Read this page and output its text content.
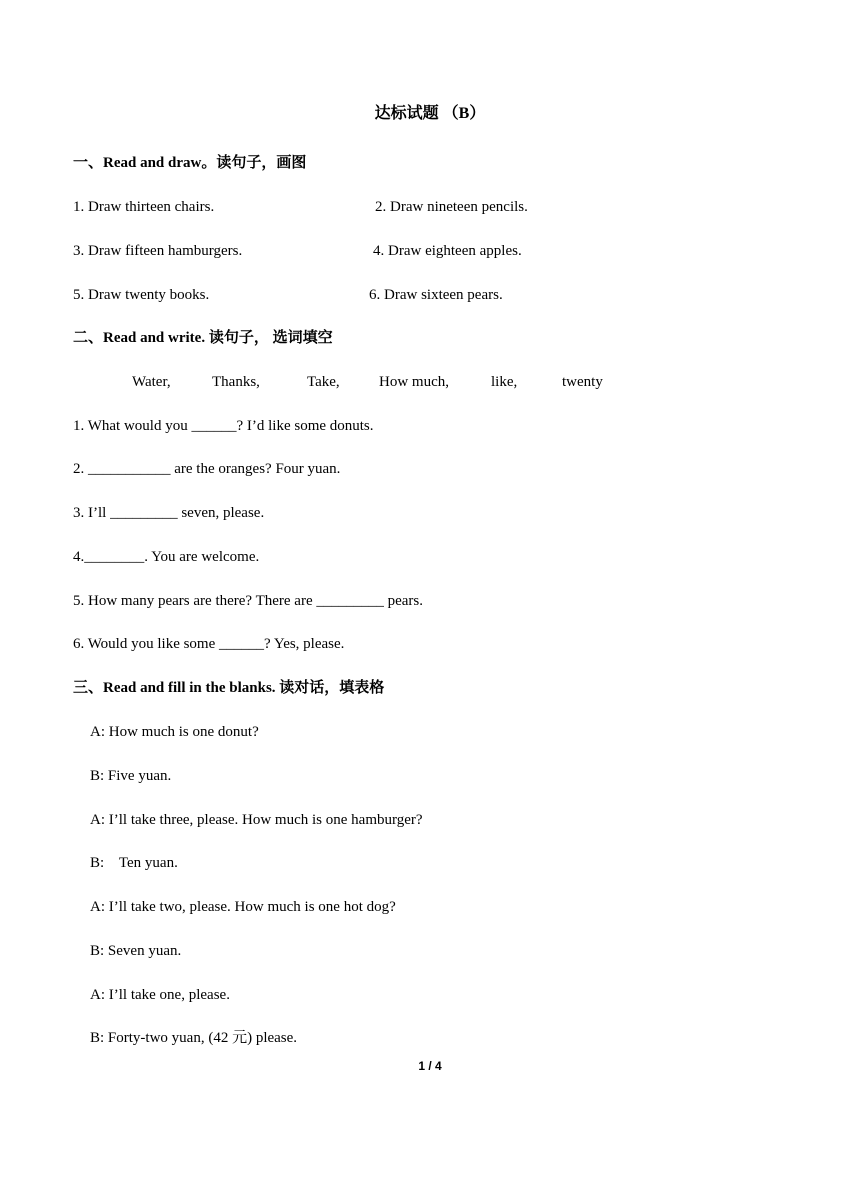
达标试题 （B）
一、Read and draw。读句子，画图
1. Draw thirteen chairs.	2. Draw nineteen pencils.
3. Draw fifteen hamburgers.	4. Draw eighteen apples.
5. Draw twenty books.	6. Draw sixteen pears.
二、Read and write. 读句子， 选词填空
Water,	Thanks,	Take,	How much,	like,	twenty
1. What would you ______? I’d like some donuts.
2. ___________ are the oranges? Four yuan.
3. I’ll _________ seven, please.
4.________. You are welcome.
5. How many pears are there? There are _________ pears.
6. Would you like some ______? Yes, please.
三、Read and fill in the blanks. 读对话，填表格
A: How much is one donut?
B: Five yuan.
A: I’ll take three, please. How much is one hamburger?
B:    Ten yuan.
A: I’ll take two, please. How much is one hot dog?
B: Seven yuan.
A: I’ll take one, please.
B: Forty-two yuan, (42 元) please.
1 / 4
